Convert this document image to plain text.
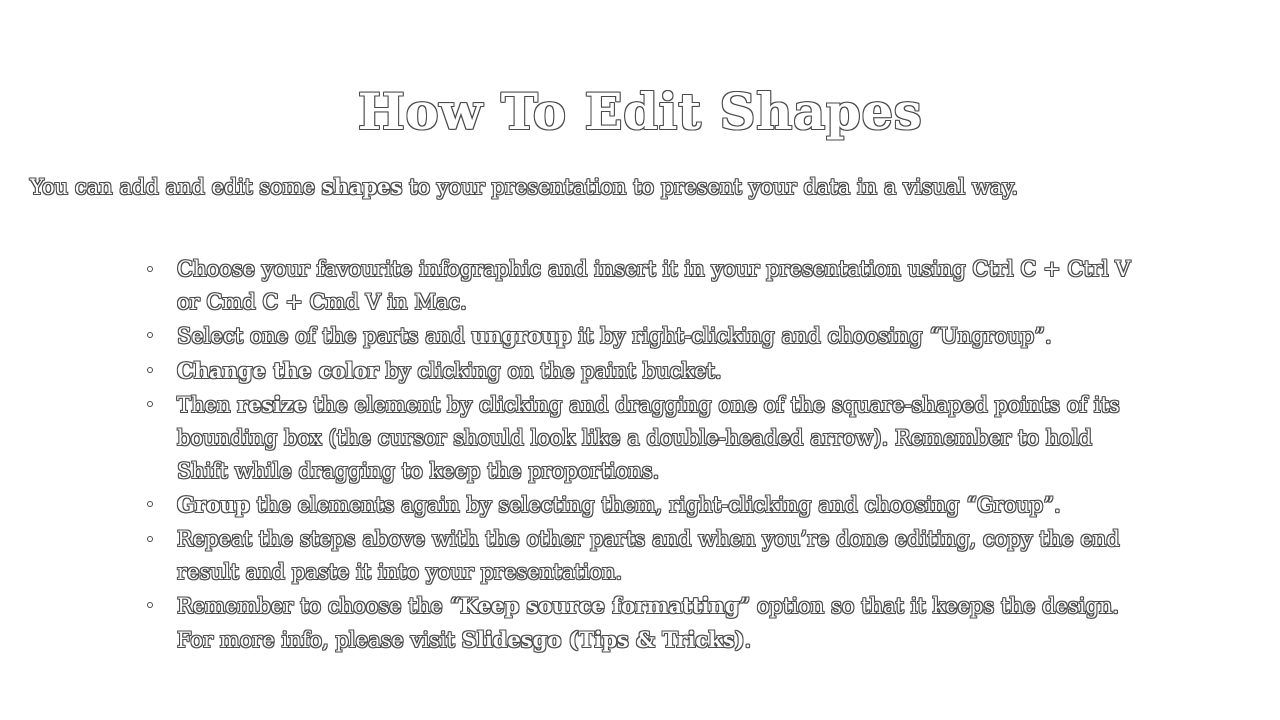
How To Edit Shapes

You can add and edit some shapes to your presentation to present your data in a visual way.

Choose your favourite infographic and insert it in your presentation using Ctrl C + Ctrl V or Cmd C + Cmd V in Mac.
Select one of the parts and ungroup it by right-clicking and choosing “Ungroup”.
Change the color by clicking on the paint bucket.
Then resize the element by clicking and dragging one of the square-shaped points of its bounding box (the cursor should look like a double-headed arrow). Remember to hold Shift while dragging to keep the proportions.
Group the elements again by selecting them, right-clicking and choosing “Group”.
Repeat the steps above with the other parts and when you’re done editing, copy the end result and paste it into your presentation.
Remember to choose the “Keep source formatting” option so that it keeps the design. For more info, please visit Slidesgo (Tips & Tricks).
